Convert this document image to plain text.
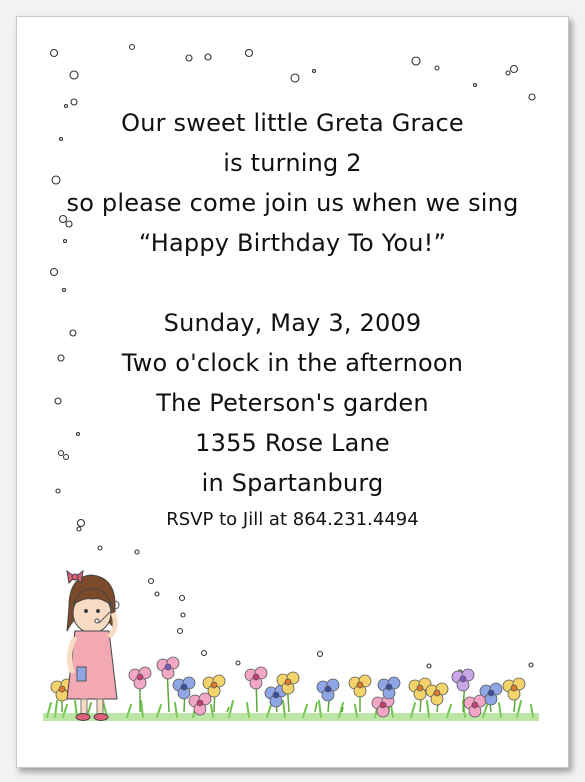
Our sweet little Greta Grace
is turning 2
so please come join us when we sing
“Happy Birthday To You!”
Sunday, May 3, 2009
Two o'clock in the afternoon
The Peterson's garden
1355 Rose Lane
in Spartanburg
RSVP to Jill at 864.231.4494
